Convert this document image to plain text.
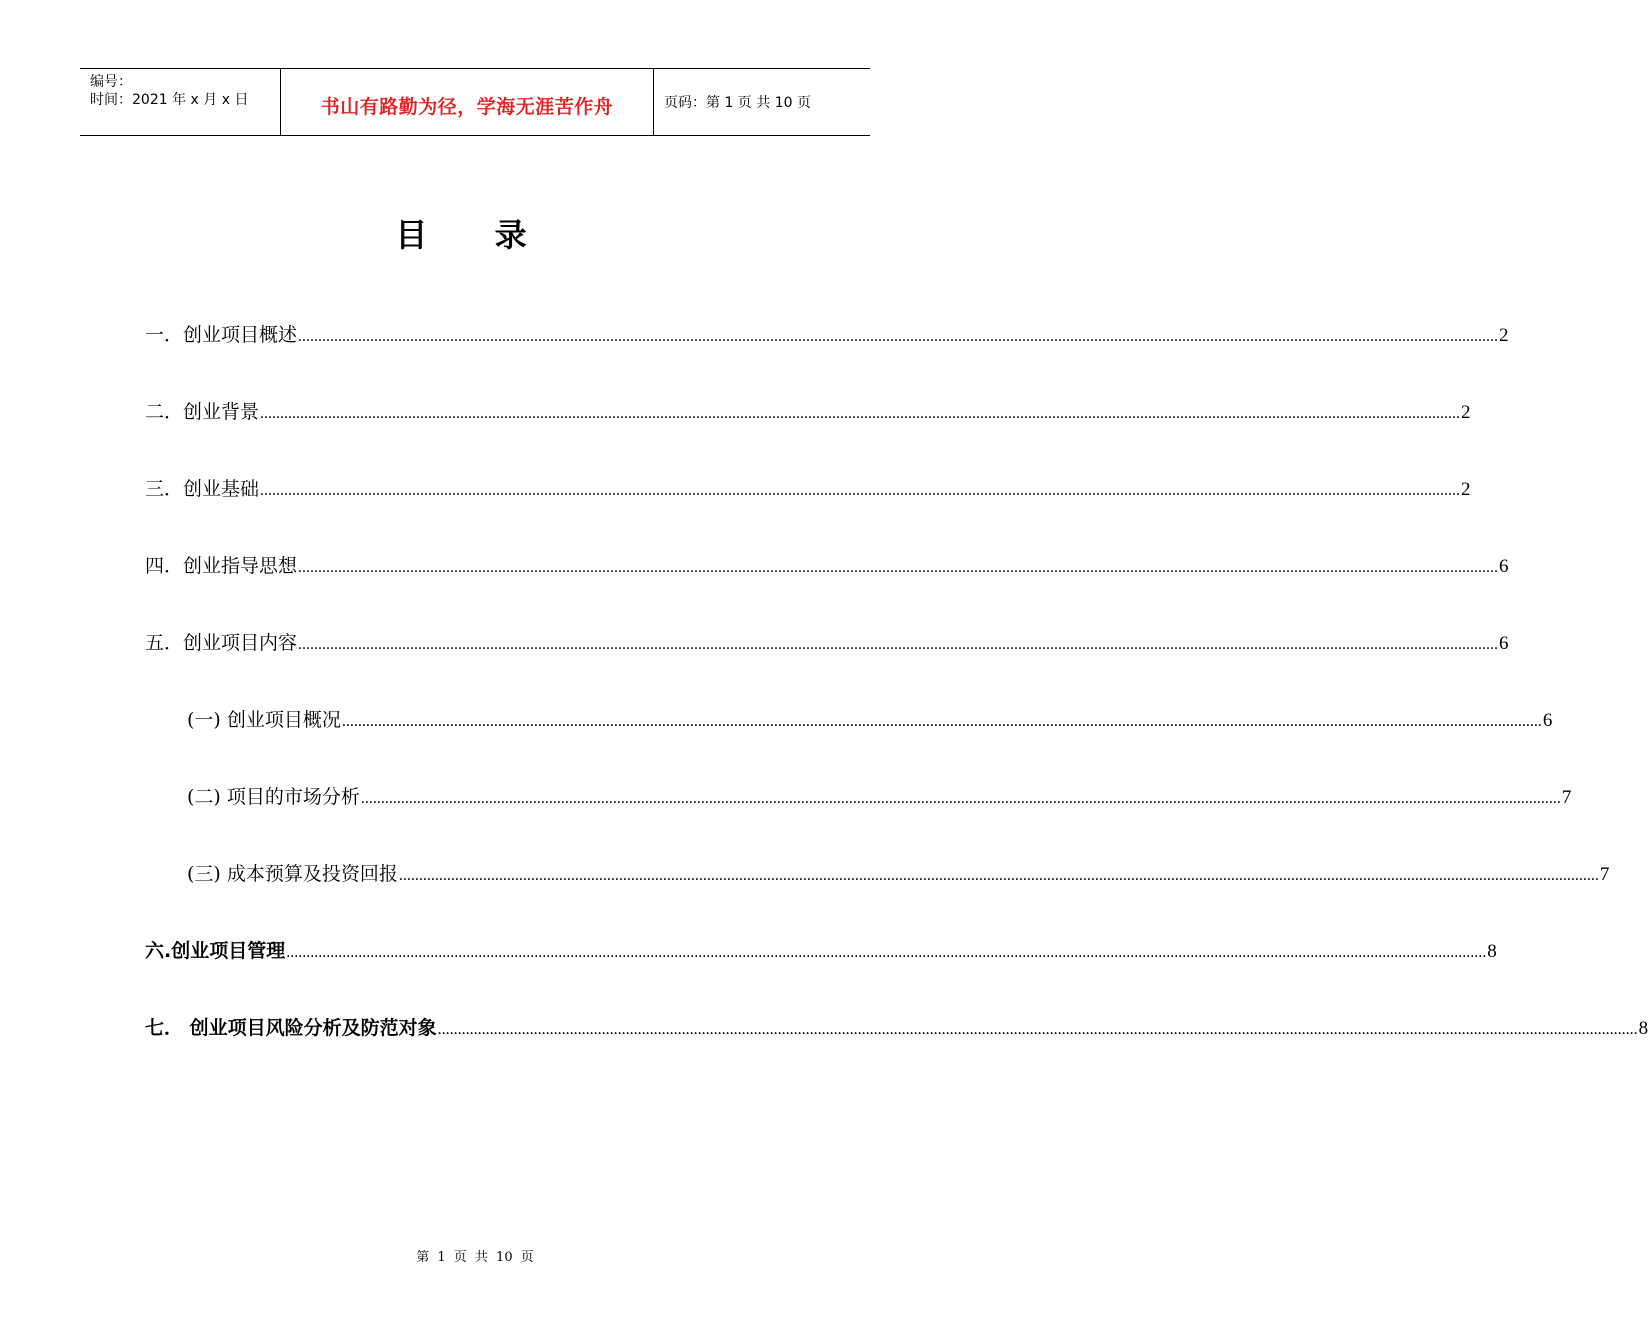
编号：
时间：2021 年 x 月 x 日	书山有路勤为径，学海无涯苦作舟	页码：第 1 页 共 10 页
目 录
一．创业项目概述 ............................................................................................................................................................................................................................................................................................................ 2
二．创业背景 ............................................................................................................................................................................................................................................................................................................ 2
三．创业基础 ............................................................................................................................................................................................................................................................................................................ 2
四．创业指导思想 ............................................................................................................................................................................................................................................................................................................ 6
五．创业项目内容 ............................................................................................................................................................................................................................................................................................................ 6
(一) 创业项目概况 ............................................................................................................................................................................................................................................................................................................ 6
(二) 项目的市场分析 ............................................................................................................................................................................................................................................................................................................ 7
(三) 成本预算及投资回报 ............................................................................................................................................................................................................................................................................................................ 7
六.创业项目管理 ............................................................................................................................................................................................................................................................................................................ 8
七． 创业项目风险分析及防范对象 ............................................................................................................................................................................................................................................................................................................ 8
第 1 页 共 10 页
